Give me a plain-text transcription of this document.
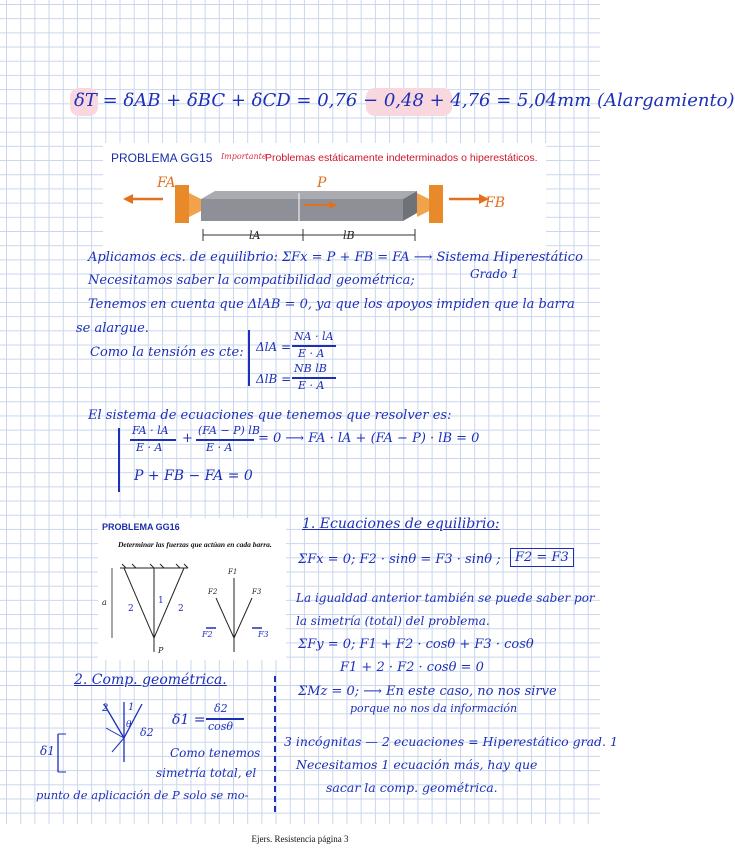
δT = δAB + δBC + δCD = 0,76 − 0,48 + 4,76 = 5,04mm (Alargamiento)
PROBLEMA GG15 Importante
Problemas estáticamente indeterminados o hiperestáticos.
FA
FB
P
lA	lB
Aplicamos ecs. de equilibrio: ΣFx = P + FB = FA ⟶ Sistema Hiperestático
Grado 1
Necesitamos saber la compatibilidad geométrica;
Tenemos en cuenta que ΔlAB = 0, ya que los apoyos impiden que la barra
se alargue.
Como la tensión es cte: ΔlA =
NA · lA
E · A
ΔlB =
NB lB
E · A
El sistema de ecuaciones que tenemos que resolver es:
FA · lA
E · A
+
(FA − P) lB
E · A
= 0 ⟶ FA · lA + (FA − P) · lB = 0
P + FB − FA = 0
PROBLEMA GG16
Determinar las fuerzas que actúan en cada barra.
1
2	2
a
P
F1
F2	F3
F2	F3
1. Ecuaciones de equilibrio:
ΣFx = 0; F2 · sinθ = F3 · sinθ ;	F2 = F3
La igualdad anterior también se puede saber por
la simetría (total) del problema.
ΣFy = 0; F1 + F2 · cosθ + F3 · cosθ
F1 + 2 · F2 · cosθ = 0
ΣMz = 0; ⟶ En este caso, no nos sirve
porque no nos da información
3 incógnitas — 2 ecuaciones = Hiperestático grad. 1
Necesitamos 1 ecuación más, hay que
sacar la comp. geométrica.
2. Comp. geométrica.
2 1
θ
δ2
δ1
δ1 =
δ2
cosθ
Como tenemos
simetría total, el
punto de aplicación de P solo se mo-
Ejers. Resistencia página 3
